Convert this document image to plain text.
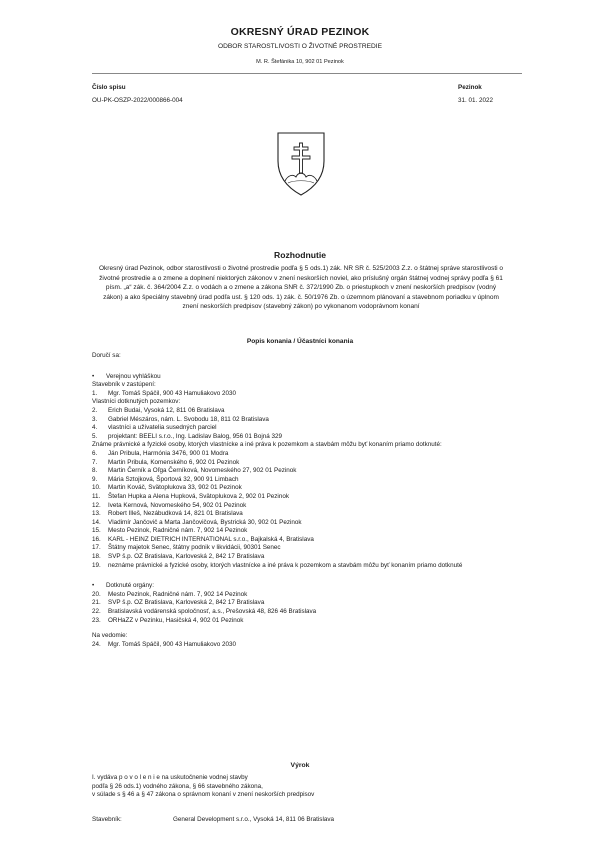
OKRESNÝ ÚRAD PEZINOK
ODBOR STAROSTLIVOSTI O ŽIVOTNÉ PROSTREDIE
M. R. Štefánika 10, 902 01 Pezinok
Číslo spisu
OU-PK-OSZP-2022/000866-004
Pezinok
31. 01. 2022
Rozhodnutie
Okresný úrad Pezinok, odbor starostlivosti o životné prostredie podľa § 5 ods.1) zák. NR SR č. 525/2003 Z.z. o štátnej správe starostlivosti o životné prostredie a o zmene a doplnení niektorých zákonov v znení neskorších noviel, ako príslušný orgán štátnej vodnej správy podľa § 61 písm. „a“ zák. č. 364/2004 Z.z. o vodách a o zmene a zákona SNR č. 372/1990 Zb. o priestupkoch v znení neskorších predpisov (vodný zákon) a ako špeciálny stavebný úrad podľa ust. § 120 ods. 1) zák. č. 50/1976 Zb. o územnom plánovaní a stavebnom poriadku v úplnom znení neskorších predpisov (stavebný zákon) po vykonanom vodoprávnom konaní
Popis konania / Účastníci konania
Doručí sa:
• Verejnou vyhláškou
Stavebník v zastúpení:
1. Mgr. Tomáš Spáčil, 900 43 Hamuliakovo 2030
Vlastníci dotknutých pozemkov:
2. Erich Budai, Vysoká 12, 811 06 Bratislava
3. Gabriel Mészáros, nám. L. Svobodu 18, 811 02 Bratislava
4. vlastníci a užívatelia susedných parciel
5. projektant: BEELI s.r.o., Ing. Ladislav Balog, 956 01 Bojná 329
Známe právnické a fyzické osoby, ktorých vlastnícke a iné práva k pozemkom a stavbám môžu byť konaním priamo dotknuté:
6. Ján Pribula, Harmónia 3476, 900 01 Modra
7. Martin Pribula, Komenského 6, 902 01 Pezinok
8. Martin Černík a Oľga Černíková, Novomeského 27, 902 01 Pezinok
9. Mária Sztojková, Športová 32, 900 91 Limbach
10. Martin Kováč, Svätoplukova 33, 902 01 Pezinok
11. Štefan Hupka a Alena Hupková, Svätoplukova 2, 902 01 Pezinok
12. Iveta Kernová, Novomeského 54, 902 01 Pezinok
13. Robert Illeš, Nezábudková 14, 821 01 Bratislava
14. Vladimír Jančovič a Marta Jančovičová, Bystrická 30, 902 01 Pezinok
15. Mesto Pezinok, Radničné nám. 7, 902 14 Pezinok
16. KARL - HEINZ DIETRICH INTERNATIONAL s.r.o., Bajkalská 4, Bratislava
17. Štátny majetok Senec, štátny podnik v likvidácii, 90301 Senec
18. SVP š.p. OZ Bratislava, Karloveská 2, 842 17 Bratislava
19. neznáme právnické a fyzické osoby, ktorých vlastnícke a iné práva k pozemkom a stavbám môžu byť konaním priamo dotknuté
• Dotknuté orgány:
20. Mesto Pezinok, Radničné nám. 7, 902 14 Pezinok
21. SVP š.p. OZ Bratislava, Karloveská 2, 842 17 Bratislava
22. Bratislavská vodárenská spoločnosť, a.s., Prešovská 48, 826 46 Bratislava
23. ORHaZZ v Pezinku, Hasičská 4, 902 01 Pezinok
Na vedomie:
24. Mgr. Tomáš Spáčil, 900 43 Hamuliakovo 2030
Výrok
I. vydáva p o v o l e n i e na uskutočnenie vodnej stavby
podľa § 26 ods.1) vodného zákona, § 66 stavebného zákona,
v súlade s § 46 a § 47 zákona o správnom konaní v znení neskorších predpisov
Stavebník:	General Development s.r.o., Vysoká 14, 811 06 Bratislava
